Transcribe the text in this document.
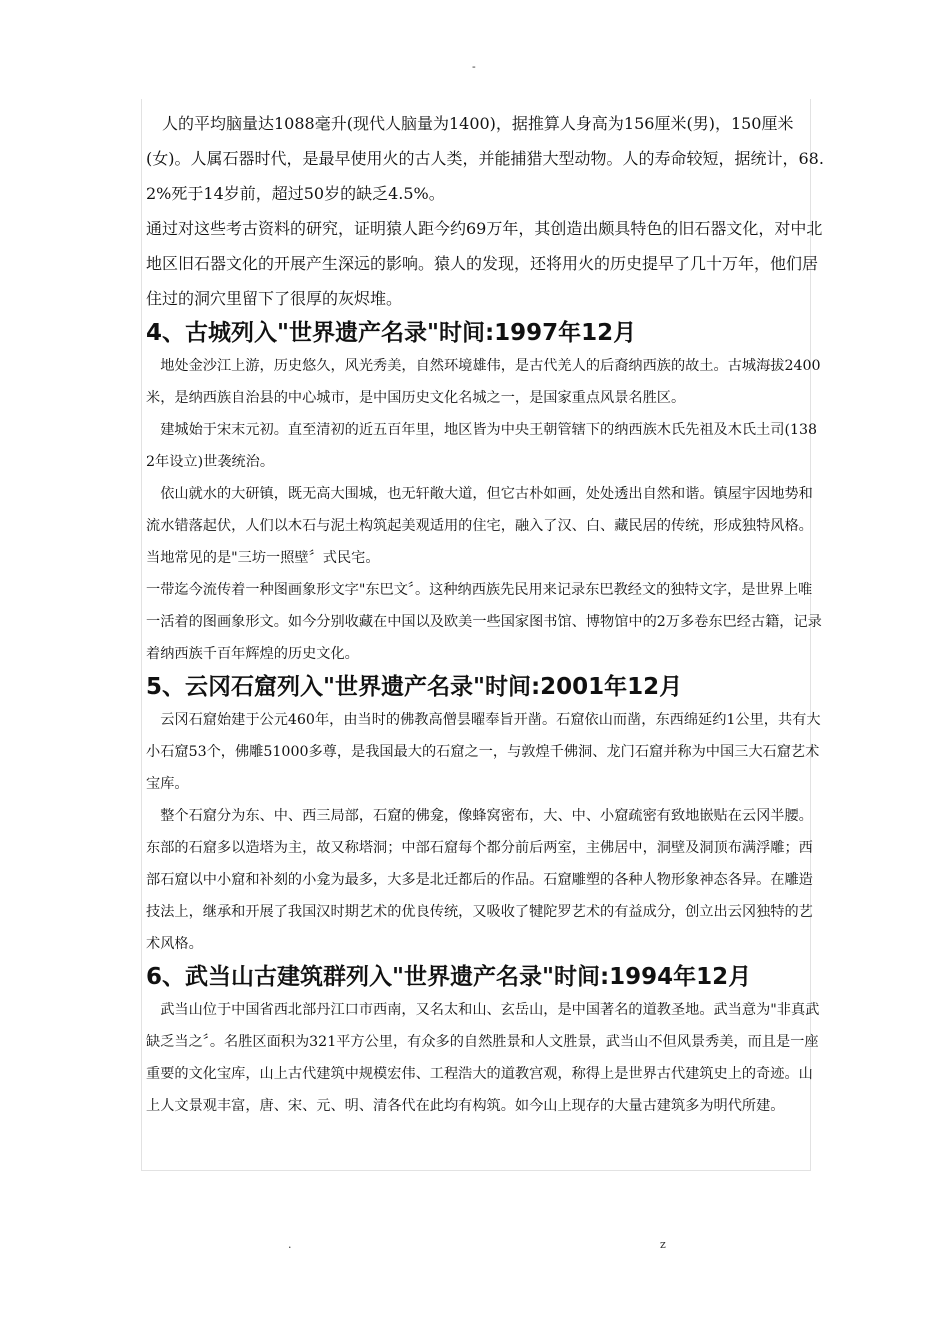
-

　人的平均脑量达1088毫升(现代人脑量为1400)，据推算人身高为156厘米(男)，150厘米(女)。人属石器时代，是最早使用火的古人类，并能捕猎大型动物。人的寿命较短，据统计，68.2%死于14岁前，超过50岁的缺乏4.5%。

通过对这些考古资料的研究，证明猿人距今约69万年，其创造出颇具特色的旧石器文化，对中北地区旧石器文化的开展产生深远的影响。猿人的发现，还将用火的历史提早了几十万年，他们居住过的洞穴里留下了很厚的灰烬堆。

4、古城列入"世界遗产名录"时间:1997年12月

　地处金沙江上游，历史悠久，风光秀美，自然环境雄伟，是古代羌人的后裔纳西族的故土。古城海拔2400米，是纳西族自治县的中心城市，是中国历史文化名城之一，是国家重点风景名胜区。

　建城始于宋末元初。直至清初的近五百年里，地区皆为中央王朝管辖下的纳西族木氏先祖及木氏土司(1382年设立)世袭统治。

　依山就水的大研镇，既无高大围城，也无轩敞大道，但它古朴如画，处处透出自然和谐。镇屋宇因地势和流水错落起伏，人们以木石与泥土构筑起美观适用的住宅，融入了汉、白、藏民居的传统，形成独特风格。当地常见的是"三坊一照壁〞式民宅。

一带迄今流传着一种图画象形文字"东巴文〞。这种纳西族先民用来记录东巴教经文的独特文字，是世界上唯一活着的图画象形文。如今分别收藏在中国以及欧美一些国家图书馆、博物馆中的2万多卷东巴经古籍，记录着纳西族千百年辉煌的历史文化。

5、云冈石窟列入"世界遗产名录"时间:2001年12月

　云冈石窟始建于公元460年，由当时的佛教高僧昙曜奉旨开凿。石窟依山而凿，东西绵延约1公里，共有大小石窟53个，佛雕51000多尊，是我国最大的石窟之一，与敦煌千佛洞、龙门石窟并称为中国三大石窟艺术宝库。

　整个石窟分为东、中、西三局部，石窟的佛龛，像蜂窝密布，大、中、小窟疏密有致地嵌贴在云冈半腰。东部的石窟多以造塔为主，故又称塔洞；中部石窟每个都分前后两室，主佛居中，洞壁及洞顶布满浮雕；西部石窟以中小窟和补刻的小龛为最多，大多是北迁都后的作品。石窟雕塑的各种人物形象神态各异。在雕造技法上，继承和开展了我国汉时期艺术的优良传统，又吸收了犍陀罗艺术的有益成分，创立出云冈独特的艺术风格。

6、武当山古建筑群列入"世界遗产名录"时间:1994年12月

　武当山位于中国省西北部丹江口市西南，又名太和山、玄岳山，是中国著名的道教圣地。武当意为"非真武缺乏当之〞。名胜区面积为321平方公里，有众多的自然胜景和人文胜景，武当山不但风景秀美，而且是一座重要的文化宝库，山上古代建筑中规模宏伟、工程浩大的道教宫观，称得上是世界古代建筑史上的奇迹。山上人文景观丰富，唐、宋、元、明、清各代在此均有构筑。如今山上现存的大量古建筑多为明代所建。

.	z
